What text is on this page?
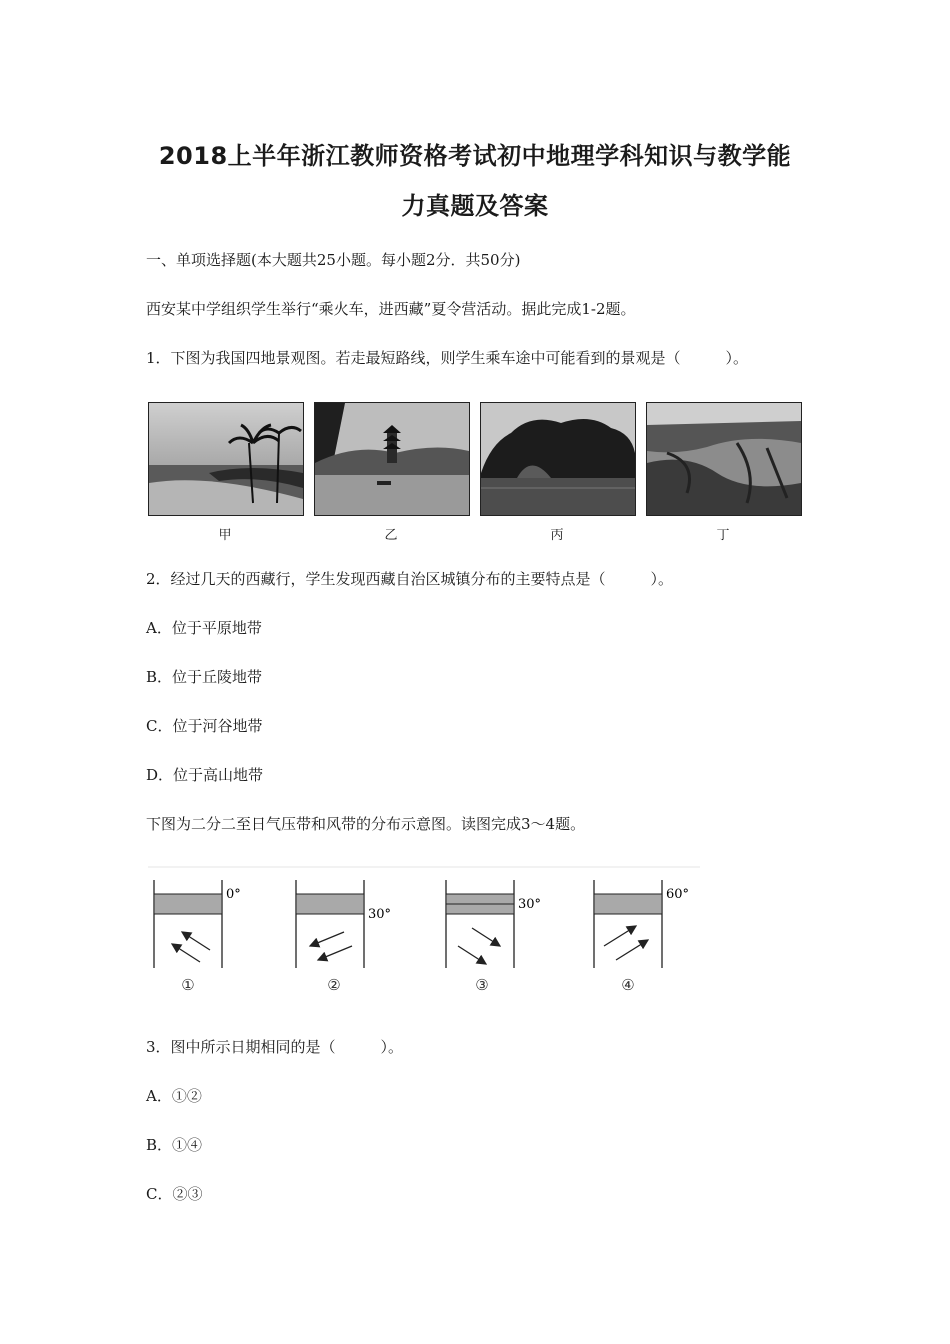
2018上半年浙江教师资格考试初中地理学科知识与教学能
力真题及答案
一、单项选择题(本大题共25小题。每小题2分．共50分)
西安某中学组织学生举行“乘火车，进西藏”夏令营活动。据此完成1-2题。
1．下图为我国四地景观图。若走最短路线，则学生乘车途中可能看到的景观是（　　　）。
甲	乙	丙	丁
2．经过几天的西藏行，学生发现西藏自治区城镇分布的主要特点是（　　　）。
A．位于平原地带
B．位于丘陵地带
C．位于河谷地带
D．位于高山地带
下图为二分二至日气压带和风带的分布示意图。读图完成3～4题。
0°
①
30°
②
30°
③
60°
④
3．图中所示日期相同的是（　　　）。
A．①②
B．①④
C．②③
